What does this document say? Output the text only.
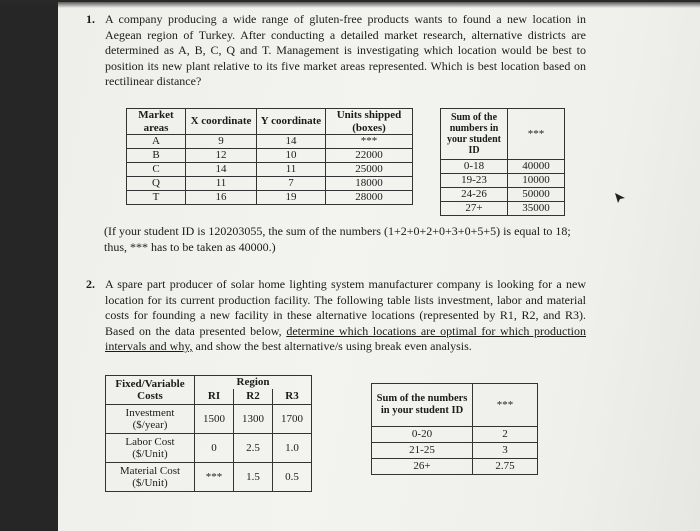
1. A company producing a wide range of gluten-free products wants to found a new location in Aegean region of Turkey. After conducting a detailed market research, alternative districts are determined as A, B, C, Q and T. Management is investigating which location would be best to position its new plant relative to its five market areas represented. Which is best location based on rectilinear distance?
Market areas	X coordinate	Y coordinate	Units shipped (boxes)
A	9	14	***
B	12	10	22000
C	14	11	25000
Q	11	7	18000
T	16	19	28000
Sum of the numbers in your student ID	***
0-18	40000
19-23	10000
24-26	50000
27+	35000
(If your student ID is 120203055, the sum of the numbers (1+2+0+2+0+3+0+5+5) is equal to 18; thus, *** has to be taken as 40000.)
2. A spare part producer of solar home lighting system manufacturer company is looking for a new location for its current production facility. The following table lists investment, labor and material costs for founding a new facility in these alternative locations (represented by R1, R2, and R3). Based on the data presented below, determine which locations are optimal for which production intervals and why, and show the best alternative/s using break even analysis.
Fixed/Variable Costs	Region		
	RI	R2	R3
Investment ($/year)	1500	1300	1700
Labor Cost ($/Unit)	0	2.5	1.0
Material Cost ($/Unit)	***	1.5	0.5
Sum of the numbers in your student ID	***
0-20	2
21-25	3
26+	2.75
